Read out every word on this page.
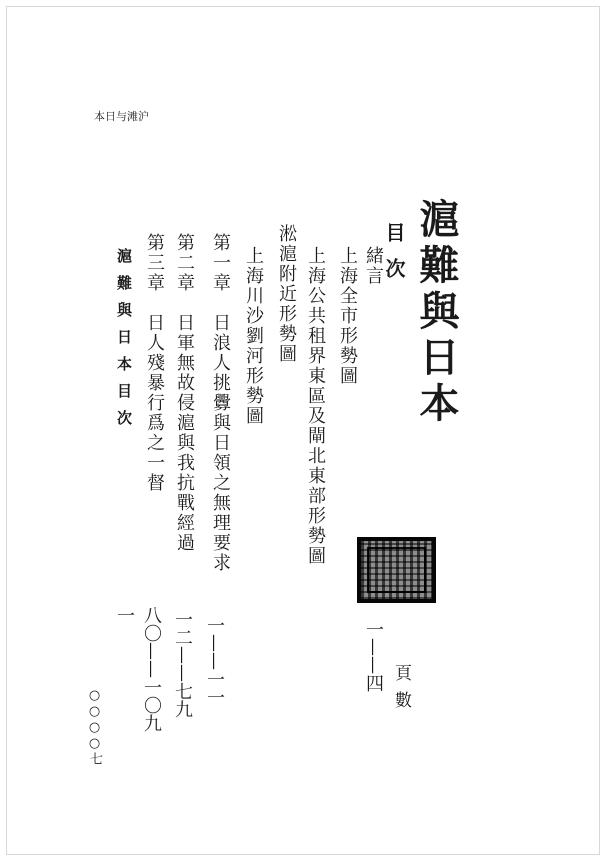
本日与滩沪
滬難與日本
目次
緒言
上海全市形勢圖
上海公共租界東區及閘北東部形勢圖
淞滬附近形勢圖
上海川沙劉河形勢圖
第一章　日浪人挑釁與日領之無理要求
第二章　日軍無故侵滬與我抗戰經過
第三章　日人殘暴行爲之一督
頁數
一——四
一——一一
一二——七九
八〇——一〇九
一
滬難與日本目次
○○○○七
